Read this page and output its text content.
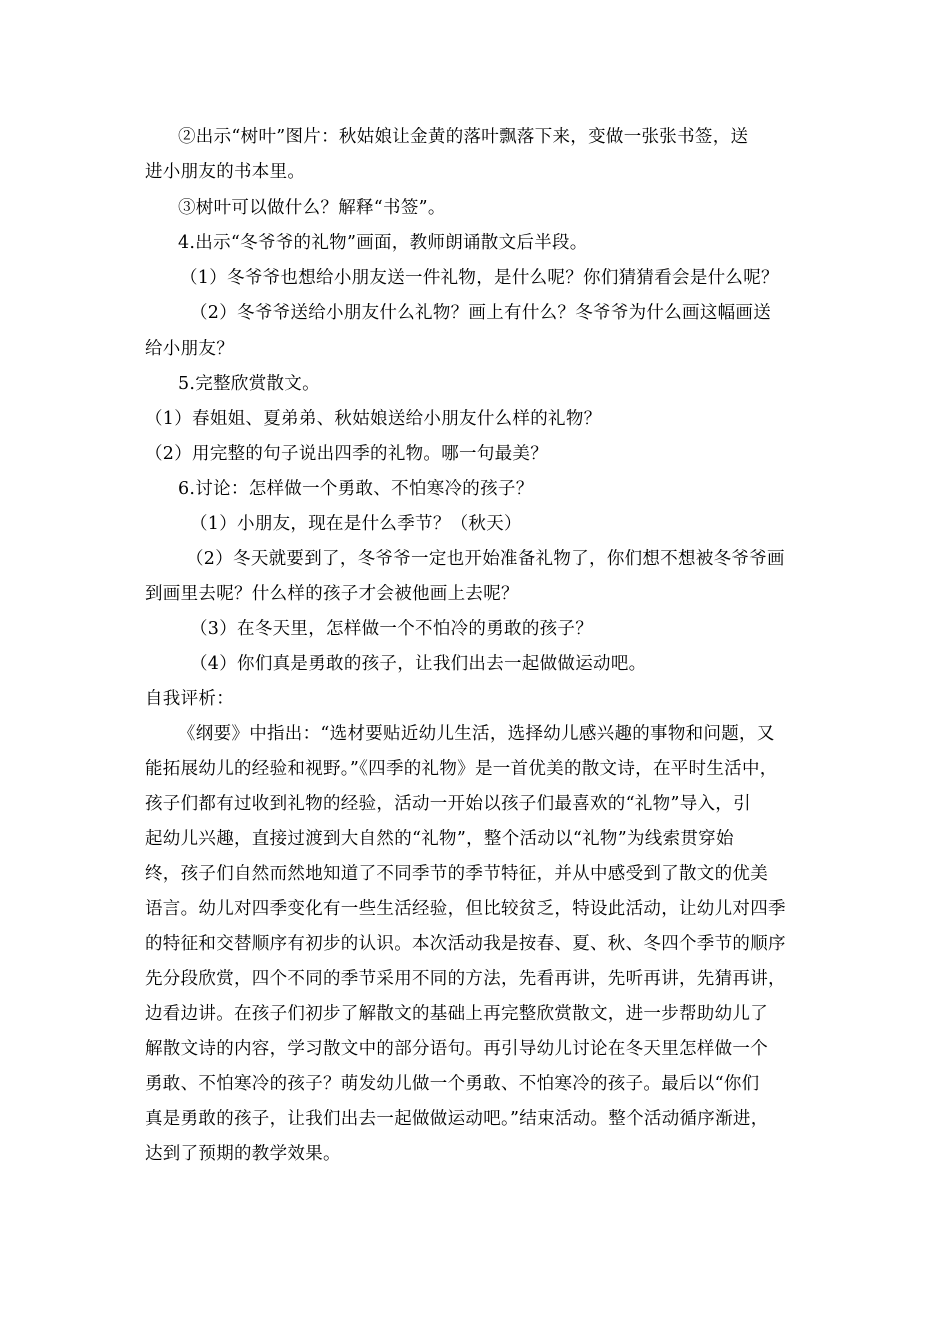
②出示“树叶”图片：秋姑娘让金黄的落叶飘落下来，变做一张张书签，送
进小朋友的书本里。
③树叶可以做什么？解释“书签”。
4.出示“冬爷爷的礼物”画面，教师朗诵散文后半段。
（1）冬爷爷也想给小朋友送一件礼物，是什么呢？你们猜猜看会是什么呢？
（2）冬爷爷送给小朋友什么礼物？画上有什么？冬爷爷为什么画这幅画送
给小朋友？
5.完整欣赏散文。
（1）春姐姐、夏弟弟、秋姑娘送给小朋友什么样的礼物？
（2）用完整的句子说出四季的礼物。哪一句最美？
6.讨论：怎样做一个勇敢、不怕寒冷的孩子？
（1）小朋友，现在是什么季节？（秋天）
（2）冬天就要到了，冬爷爷一定也开始准备礼物了，你们想不想被冬爷爷画
到画里去呢？什么样的孩子才会被他画上去呢？
（3）在冬天里，怎样做一个不怕冷的勇敢的孩子？
（4）你们真是勇敢的孩子，让我们出去一起做做运动吧。
自我评析：
《纲要》中指出：“选材要贴近幼儿生活，选择幼儿感兴趣的事物和问题，又
能拓展幼儿的经验和视野。”《四季的礼物》是一首优美的散文诗，在平时生活中，
孩子们都有过收到礼物的经验，活动一开始以孩子们最喜欢的“礼物”导入，引
起幼儿兴趣，直接过渡到大自然的“礼物”，整个活动以“礼物”为线索贯穿始
终，孩子们自然而然地知道了不同季节的季节特征，并从中感受到了散文的优美
语言。幼儿对四季变化有一些生活经验，但比较贫乏，特设此活动，让幼儿对四季
的特征和交替顺序有初步的认识。本次活动我是按春、夏、秋、冬四个季节的顺序
先分段欣赏，四个不同的季节采用不同的方法，先看再讲，先听再讲，先猜再讲，
边看边讲。在孩子们初步了解散文的基础上再完整欣赏散文，进一步帮助幼儿了
解散文诗的内容，学习散文中的部分语句。再引导幼儿讨论在冬天里怎样做一个
勇敢、不怕寒冷的孩子？萌发幼儿做一个勇敢、不怕寒冷的孩子。最后以“你们
真是勇敢的孩子，让我们出去一起做做运动吧。”结束活动。整个活动循序渐进，
达到了预期的教学效果。
